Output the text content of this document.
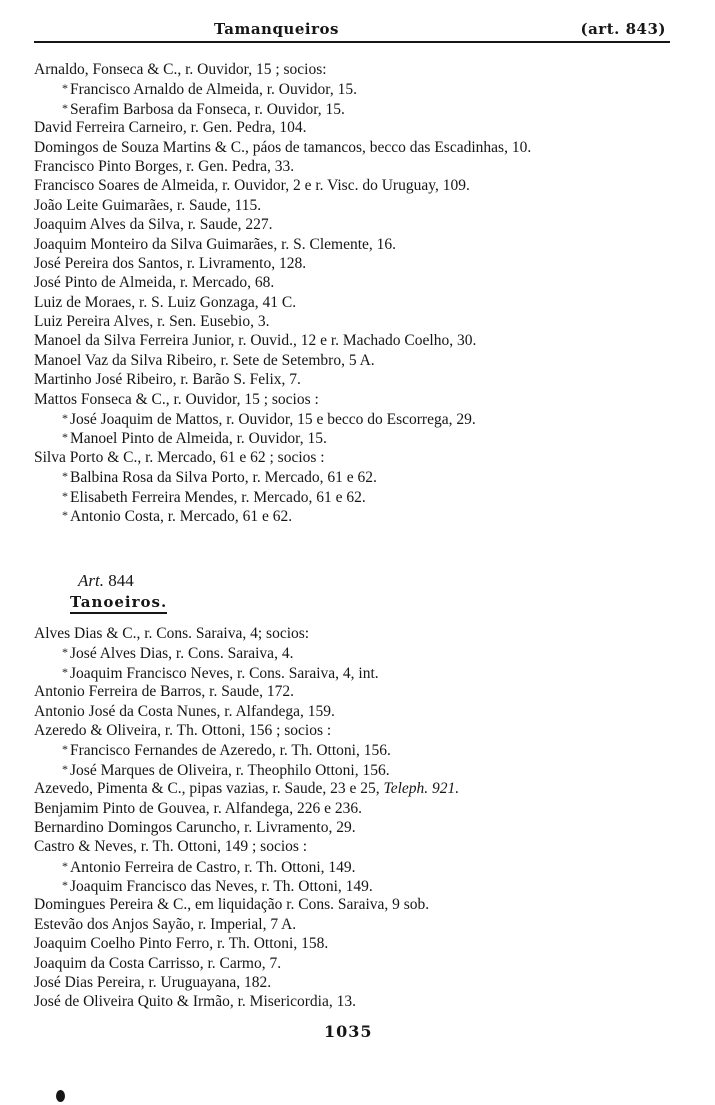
Tamanqueiros	(art. 843)
Arnaldo, Fonseca & C., r. Ouvidor, 15 ; socios:
* Francisco Arnaldo de Almeida, r. Ouvidor, 15.
* Serafim Barbosa da Fonseca, r. Ouvidor, 15.
David Ferreira Carneiro, r. Gen. Pedra, 104.
Domingos de Souza Martins & C., páos de tamancos, becco das Escadinhas, 10.
Francisco Pinto Borges, r. Gen. Pedra, 33.
Francisco Soares de Almeida, r. Ouvidor, 2 e r. Visc. do Uruguay, 109.
João Leite Guimarães, r. Saude, 115.
Joaquim Alves da Silva, r. Saude, 227.
Joaquim Monteiro da Silva Guimarães, r. S. Clemente, 16.
José Pereira dos Santos, r. Livramento, 128.
José Pinto de Almeida, r. Mercado, 68.
Luiz de Moraes, r. S. Luiz Gonzaga, 41 C.
Luiz Pereira Alves, r. Sen. Eusebio, 3.
Manoel da Silva Ferreira Junior, r. Ouvid., 12 e r. Machado Coelho, 30.
Manoel Vaz da Silva Ribeiro, r. Sete de Setembro, 5 A.
Martinho José Ribeiro, r. Barão S. Felix, 7.
Mattos Fonseca & C., r. Ouvidor, 15 ; socios :
* José Joaquim de Mattos, r. Ouvidor, 15 e becco do Escorrega, 29.
* Manoel Pinto de Almeida, r. Ouvidor, 15.
Silva Porto & C., r. Mercado, 61 e 62 ; socios :
* Balbina Rosa da Silva Porto, r. Mercado, 61 e 62.
* Elisabeth Ferreira Mendes, r. Mercado, 61 e 62.
* Antonio Costa, r. Mercado, 61 e 62.
Art. 844
Tanoeiros.
Alves Dias & C., r. Cons. Saraiva, 4; socios:
* José Alves Dias, r. Cons. Saraiva, 4.
* Joaquim Francisco Neves, r. Cons. Saraiva, 4, int.
Antonio Ferreira de Barros, r. Saude, 172.
Antonio José da Costa Nunes, r. Alfandega, 159.
Azeredo & Oliveira, r. Th. Ottoni, 156 ; socios :
* Francisco Fernandes de Azeredo, r. Th. Ottoni, 156.
* José Marques de Oliveira, r. Theophilo Ottoni, 156.
Azevedo, Pimenta & C., pipas vazias, r. Saude, 23 e 25, Teleph. 921.
Benjamim Pinto de Gouvea, r. Alfandega, 226 e 236.
Bernardino Domingos Caruncho, r. Livramento, 29.
Castro & Neves, r. Th. Ottoni, 149 ; socios :
* Antonio Ferreira de Castro, r. Th. Ottoni, 149.
* Joaquim Francisco das Neves, r. Th. Ottoni, 149.
Domingues Pereira & C., em liquidação r. Cons. Saraiva, 9 sob.
Estevão dos Anjos Sayão, r. Imperial, 7 A.
Joaquim Coelho Pinto Ferro, r. Th. Ottoni, 158.
Joaquim da Costa Carrisso, r. Carmo, 7.
José Dias Pereira, r. Uruguayana, 182.
José de Oliveira Quito & Irmão, r. Misericordia, 13.
1035
